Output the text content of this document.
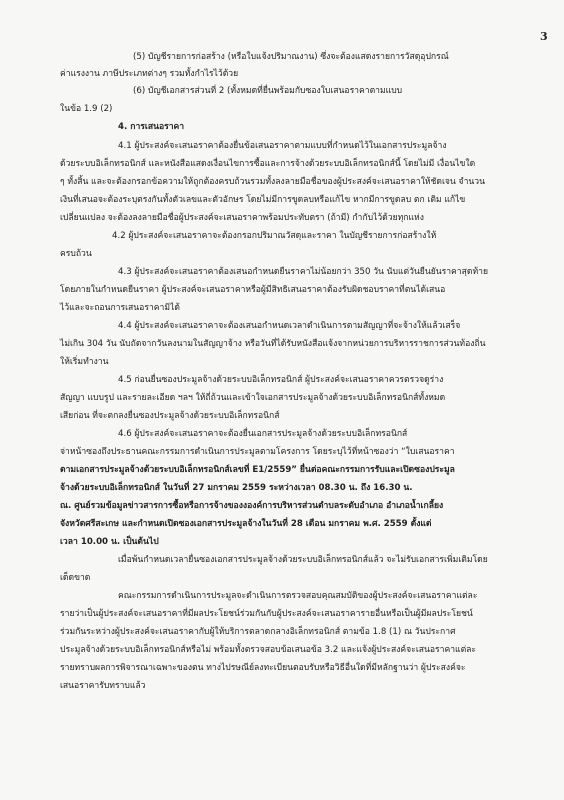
3
(5) บัญชีรายการก่อสร้าง (หรือใบแจ้งปริมาณงาน) ซึ่งจะต้องแสดงรายการวัสดุอุปกรณ์
ค่าแรงงาน ภาษีประเภทต่างๆ รวมทั้งกำไรไว้ด้วย
(6) บัญชีเอกสารส่วนที่ 2 (ทั้งหมดที่ยื่นพร้อมกับซองใบเสนอราคาตามแบบ
ในข้อ 1.9 (2)
4. การเสนอราคา
4.1 ผู้ประสงค์จะเสนอราคาต้องยื่นข้อเสนอราคาตามแบบที่กำหนดไว้ในเอกสารประมูลจ้าง
ด้วยระบบอิเล็กทรอนิกส์ และหนังสือแสดงเงื่อนไขการซื้อและการจ้างด้วยระบบอิเล็กทรอนิกส์นี้ โดยไม่มี เงื่อนไขใด
ๆ ทั้งสิ้น และจะต้องกรอกข้อความให้ถูกต้องครบถ้วนรวมทั้งลงลายมือชื่อของผู้ประสงค์จะเสนอราคาให้ชัดเจน จำนวน
เงินที่เสนอจะต้องระบุตรงกันทั้งตัวเลขและตัวอักษร โดยไม่มีการขูดลบหรือแก้ไข หากมีการขูดลบ ตก เติม แก้ไข
เปลี่ยนแปลง จะต้องลงลายมือชื่อผู้ประสงค์จะเสนอราคาพร้อมประทับตรา (ถ้ามี) กำกับไว้ด้วยทุกแห่ง
4.2 ผู้ประสงค์จะเสนอราคาจะต้องกรอกปริมาณวัสดุและราคา ในบัญชีรายการก่อสร้างให้
ครบถ้วน
4.3 ผู้ประสงค์จะเสนอราคาต้องเสนอกำหนดยืนราคาไม่น้อยกว่า 350 วัน นับแต่วันยืนยันราคาสุดท้าย
โดยภายในกำหนดยืนราคา ผู้ประสงค์จะเสนอราคาหรือผู้มีสิทธิเสนอราคาต้องรับผิดชอบราคาที่ตนได้เสนอ
ไว้และจะถอนการเสนอราคามิได้
4.4 ผู้ประสงค์จะเสนอราคาจะต้องเสนอกำหนดเวลาดำเนินการตามสัญญาที่จะจ้างให้แล้วเสร็จ
ไม่เกิน 304 วัน นับถัดจากวันลงนามในสัญญาจ้าง หรือวันที่ได้รับหนังสือแจ้งจากหน่วยการบริหารราชการส่วนท้องถิ่น
ให้เริ่มทำงาน
4.5 ก่อนยื่นซองประมูลจ้างด้วยระบบอิเล็กทรอนิกส์ ผู้ประสงค์จะเสนอราคาควรตรวจดูร่าง
สัญญา แบบรูป และรายละเอียด ฯลฯ ให้ถี่ถ้วนและเข้าใจเอกสารประมูลจ้างด้วยระบบอิเล็กทรอนิกส์ทั้งหมด
เสียก่อน ที่จะตกลงยื่นซองประมูลจ้างด้วยระบบอิเล็กทรอนิกส์
4.6 ผู้ประสงค์จะเสนอราคาจะต้องยื่นเอกสารประมูลจ้างด้วยระบบอิเล็กทรอนิกส์
จ่าหน้าซองถึงประธานคณะกรรมการดำเนินการประมูลตามโครงการ โดยระบุไว้ที่หน้าซองว่า “ใบเสนอราคา
ตามเอกสารประมูลจ้างด้วยระบบอิเล็กทรอนิกส์เลขที่ E1/2559” ยื่นต่อคณะกรรมการรับและเปิดซองประมูล
จ้างด้วยระบบอิเล็กทรอนิกส์ ในวันที่ 27 มกราคม 2559 ระหว่างเวลา 08.30 น. ถึง 16.30 น.
ณ. ศูนย์รวมข้อมูลข่าวสารการซื้อหรือการจ้างของงองค์การบริหารส่วนตำบลระดับอำเภอ อำเภอน้ำเกลี้ยง
จังหวัดศรีสะเกษ และกำหนดเปิดซองเอกสารประมูลจ้างในวันที่ 28 เดือน มกราคม พ.ศ. 2559 ตั้งแต่
เวลา 10.00 น. เป็นต้นไป
เมื่อพ้นกำหนดเวลายื่นซองเอกสารประมูลจ้างด้วยระบบอิเล็กทรอนิกส์แล้ว จะไม่รับเอกสารเพิ่มเติมโดย
เด็ดขาด
คณะกรรมการดำเนินการประมูลจะดำเนินการตรวจสอบคุณสมบัติของผู้ประสงค์จะเสนอราคาแต่ละ
รายว่าเป็นผู้ประสงค์จะเสนอราคาที่มีผลประโยชน์ร่วมกันกับผู้ประสงค์จะเสนอราคารายอื่นหรือเป็นผู้มีผลประโยชน์
ร่วมกันระหว่างผู้ประสงค์จะเสนอราคากับผู้ให้บริการตลาดกลางอิเล็กทรอนิกส์ ตามข้อ 1.8 (1) ณ วันประกาศ
ประมูลจ้างด้วยระบบอิเล็กทรอนิกส์หรือไม่ พร้อมทั้งตรวจสอบข้อเสนอข้อ 3.2 และแจ้งผู้ประสงค์จะเสนอราคาแต่ละ
รายทราบผลการพิจารณาเฉพาะของตน ทางไปรษณีย์ลงทะเบียนตอบรับหรือวิธีอื่นใดที่มีหลักฐานว่า ผู้ประสงค์จะ
เสนอราคารับทราบแล้ว
